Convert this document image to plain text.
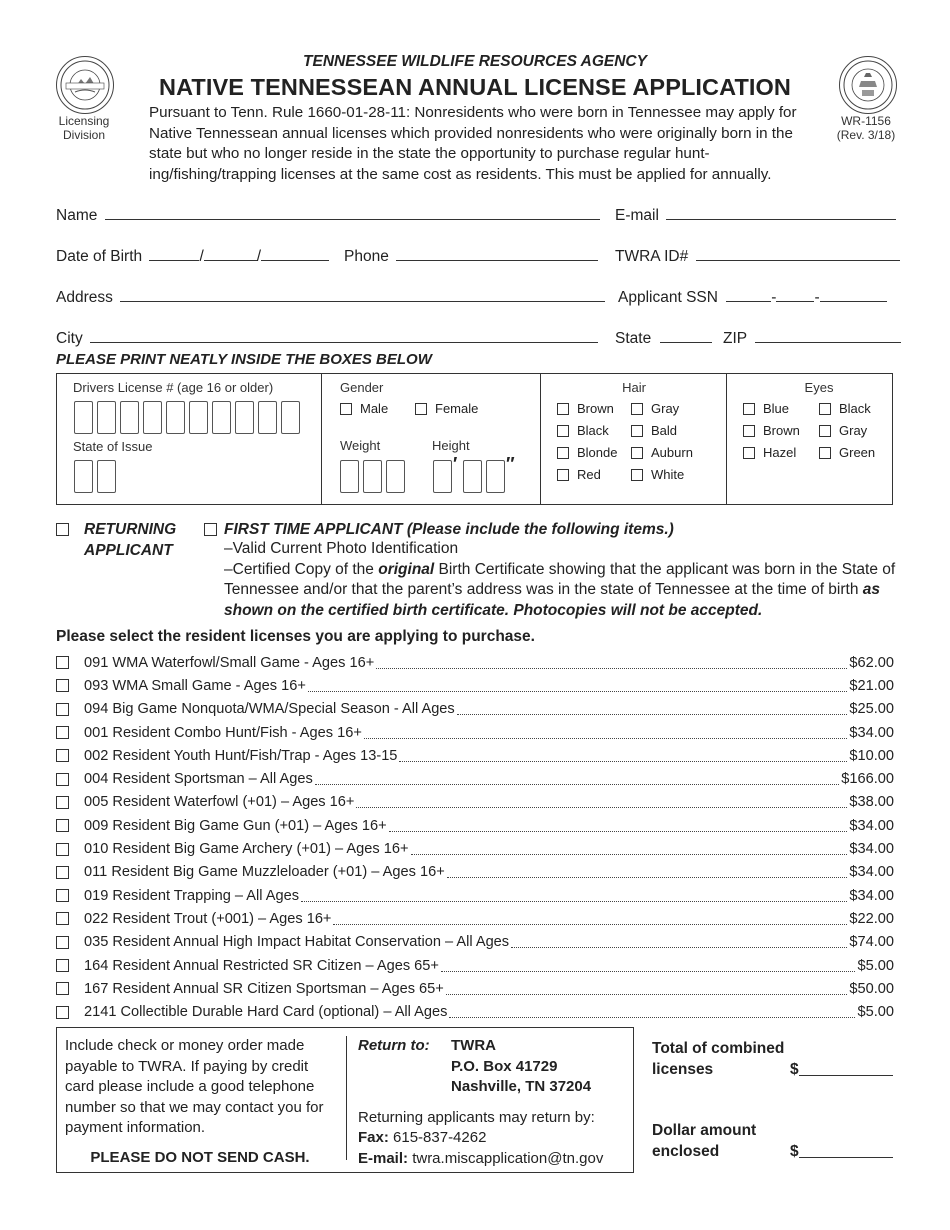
Licensing
Division
WR-1156
(Rev. 3/18)
TENNESSEE WILDLIFE RESOURCES AGENCY
NATIVE TENNESSEAN ANNUAL LICENSE APPLICATION
Pursuant to Tenn. Rule 1660-01-28-11: Nonresidents who were born in Tennessee may apply for Native Tennessean annual licenses which provided nonresidents who were originally born in the state but who no longer reside in the state the opportunity to purchase regular hunt-ing/fishing/trapping licenses at the same cost as residents. This must be applied for annually.
Name	E-mail
Date of Birth	/	/	Phone	TWRA ID#
Address	Applicant SSN	- -
City	State	ZIP
PLEASE PRINT NEATLY INSIDE THE BOXES BELOW
Drivers License # (age 16 or older)
State of Issue
Gender
Male	Female
Weight	Height
′	″
Hair
Brown	Gray
Black	Bald
Blonde	Auburn
Red	White
Eyes
Blue	Black
Brown	Gray
Hazel	Green
RETURNING
APPLICANT
FIRST TIME APPLICANT (Please include the following items.)
–Valid Current Photo Identification
–Certified Copy of the original Birth Certificate showing that the applicant was born in the State of Tennessee and/or that the parent’s address was in the state of Tennessee at the time of birth as shown on the certified birth certificate. Photocopies will not be accepted.
Please select the resident licenses you are applying to purchase.
091 WMA Waterfowl/Small Game - Ages 16+	$62.00
093 WMA Small Game - Ages 16+	$21.00
094 Big Game Nonquota/WMA/Special Season - All Ages	$25.00
001 Resident Combo Hunt/Fish - Ages 16+	$34.00
002 Resident Youth Hunt/Fish/Trap - Ages 13-15	$10.00
004 Resident Sportsman – All Ages	$166.00
005 Resident Waterfowl (+01) – Ages 16+	$38.00
009 Resident Big Game Gun (+01) – Ages 16+	$34.00
010 Resident Big Game Archery (+01) – Ages 16+	$34.00
011 Resident Big Game Muzzleloader (+01) – Ages 16+	$34.00
019 Resident Trapping – All Ages	$34.00
022 Resident Trout (+001) – Ages 16+	$22.00
035 Resident Annual High Impact Habitat Conservation – All Ages	$74.00
164 Resident Annual Restricted SR Citizen – Ages 65+	$5.00
167 Resident Annual SR Citizen Sportsman – Ages 65+	$50.00
2141 Collectible Durable Hard Card (optional) – All Ages	$5.00
Include check or money order made payable to TWRA. If paying by credit card please include a good telephone number so that we may contact you for payment information.
PLEASE DO NOT SEND CASH.
Return to:	TWRA
P.O. Box 41729
Nashville, TN 37204
Returning applicants may return by:
Fax: 615-837-4262
E-mail: twra.miscapplication@tn.gov
Total of combined
licenses	$
Dollar amount
enclosed	$
